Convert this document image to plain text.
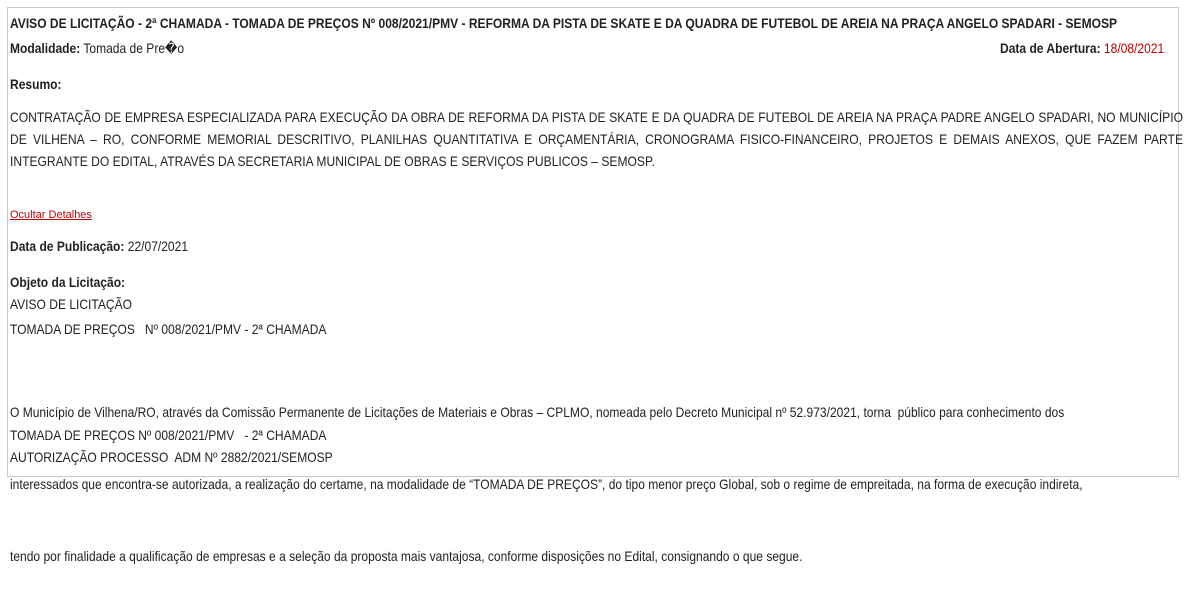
AVISO DE LICITAÇÃO - 2ª CHAMADA - TOMADA DE PREÇOS Nº 008/2021/PMV - REFORMA DA PISTA DE SKATE E DA QUADRA DE FUTEBOL DE AREIA NA PRAÇA ANGELO SPADARI - SEMOSP
Modalidade: Tomada de Pre�o	Data de Abertura: 18/08/2021
Resumo:
CONTRATAÇÃO DE EMPRESA ESPECIALIZADA PARA EXECUÇÃO DA OBRA DE REFORMA DA PISTA DE SKATE E DA QUADRA DE FUTEBOL DE AREIA NA PRAÇA PADRE ANGELO SPADARI, NO MUNICÍPIO
DE VILHENA – RO, CONFORME MEMORIAL DESCRITIVO, PLANILHAS QUANTITATIVA E ORÇAMENTÁRIA, CRONOGRAMA FISICO-FINANCEIRO, PROJETOS E DEMAIS ANEXOS, QUE FAZEM PARTE
INTEGRANTE DO EDITAL, ATRAVÉS DA SECRETARIA MUNICIPAL DE OBRAS E SERVIÇOS PUBLICOS – SEMOSP.
Ocultar Detalhes
Data de Publicação: 22/07/2021
Objeto da Licitação:
AVISO DE LICITAÇÃO
TOMADA DE PREÇOS   Nº 008/2021/PMV - 2ª CHAMADA

O Município de Vilhena/RO, através da Comissão Permanente de Licitações de Materiais e Obras – CPLMO, nomeada pelo Decreto Municipal nº 52.973/2021, torna  público para conhecimento dos

interessados que encontra-se autorizada, a realização do certame, na modalidade de “TOMADA DE PREÇOS”, do tipo menor preço Global, sob o regime de empreitada, na forma de execução indireta,

tendo por finalidade a qualificação de empresas e a seleção da proposta mais vantajosa, conforme disposições no Edital, consignando o que segue.

TOMADA DE PREÇOS Nº 008/2021/PMV   - 2ª CHAMADA
AUTORIZAÇÃO PROCESSO  ADM Nº 2882/2021/SEMOSP
